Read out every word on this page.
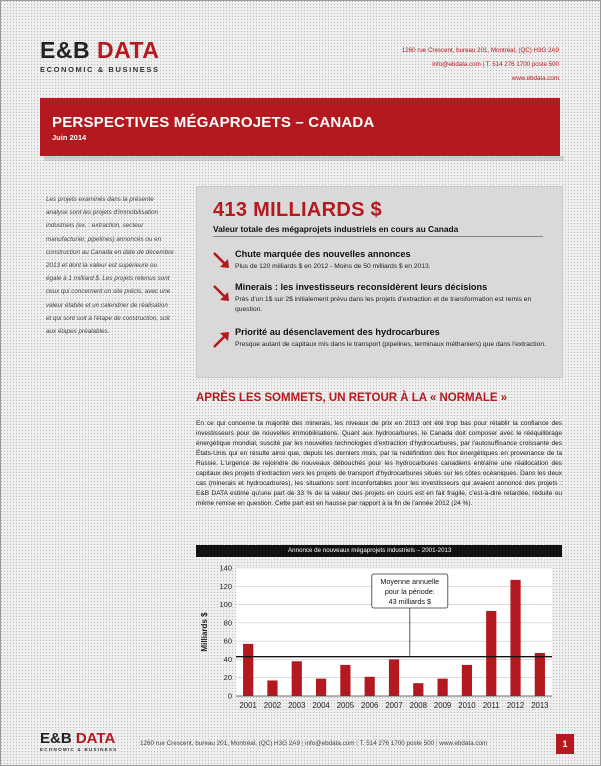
E&B DATA
ECONOMIC & BUSINESS
1260 rue Crescent, bureau 201, Montréal, (QC) H3G 2A9
info@ebdata.com | T. 514 276 1700 poste 500
www.ebdata.com
PERSPECTIVES MÉGAPROJETS – CANADA
Juin 2014
Les projets examinés dans la présente analyse sont les projets d'immobilisation industriels (ex. : extraction, secteur manufacturier, pipelines) annoncés ou en construction au Canada en date de décembre 2013 et dont la valeur est supérieure ou égale à 1 milliard $. Les projets retenus sont ceux qui concernent un site précis, avec une valeur établie et un calendrier de réalisation et qui sont soit à l'étape de construction, soit aux étapes préalables.
413 MILLIARDS $
Valeur totale des mégaprojets industriels en cours au Canada
Chute marquée des nouvelles annonces
Plus de 120 milliards $ en 2012 - Moins de 50 milliards $ en 2013.
Minerais : les investisseurs reconsidèrent leurs décisions
Près d'un 1$ sur 2$ initialement prévu dans les projets d'extraction et de transformation est remis en question.
Priorité au désenclavement des hydrocarbures
Presque autant de capitaux mis dans le transport (pipelines, terminaux méthaniers) que dans l'extraction.
APRÈS LES SOMMETS, UN RETOUR À LA « NORMALE »
En ce qui concerne la majorité des minerais, les niveaux de prix en 2013 ont été trop bas pour rétablir la confiance des investisseurs pour de nouvelles immobilisations. Quant aux hydrocarbures, le Canada doit composer avec le rééquilibrage énergétique mondial, suscité par les nouvelles technologies d'extraction d'hydrocarbures, par l'autosuffisance croissante des États-Unis qui en résulte ainsi que, depuis les derniers mois, par la redéfinition des flux énergétiques en provenance de la Russie. L'urgence de rejoindre de nouveaux débouchés pour les hydrocarbures canadiens entraîne une réallocation des capitaux des projets d'extraction vers les projets de transport d'hydrocarbures situés sur les côtes océaniques. Dans les deux cas (minerais et hydrocarbures), les situations sont inconfortables pour les investisseurs qui avaient annoncé des projets : E&B DATA estime qu'une part de 33 % de la valeur des projets en cours est en fait fragile, c'est-à-dire retardée, réduite ou même remise en question. Cette part est en hausse par rapport à la fin de l'année 2012 (24 %).
Annonce de nouveaux mégaprojets industriels – 2001-2013
0
20
40
60
80
100
120
140
Milliards $
2001 2002 2003 2004 2005 2006 2007 2008 2009 2010 2011 2012 2013
Moyenne annuelle
pour la période:
43 milliards $
E&B DATA
ECONOMIC & BUSINESS
1260 rue Crescent, bureau 201, Montréal, (QC) H3G 2A9 | info@ebdata.com | T. 514 276 1700 poste 500 | www.ebdata.com	1
